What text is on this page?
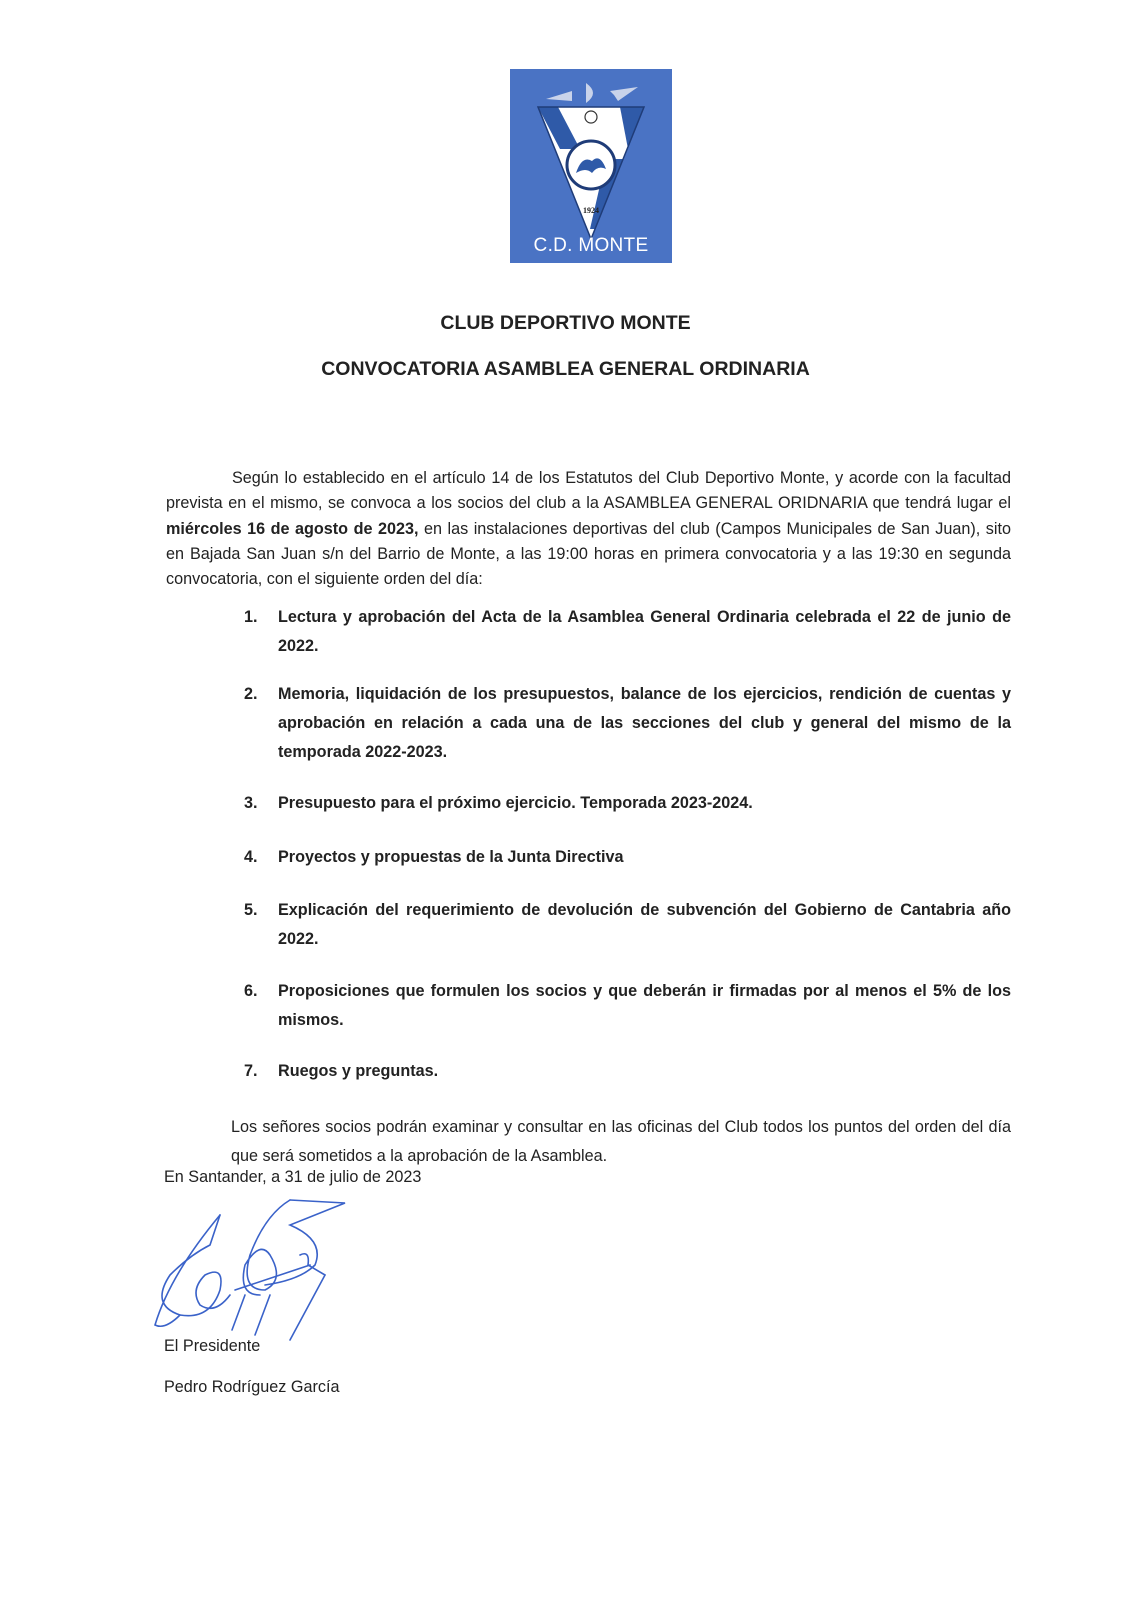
1924
C.D. MONTE
CLUB DEPORTIVO MONTE
CONVOCATORIA ASAMBLEA GENERAL ORDINARIA

Según lo establecido en el artículo 14 de los Estatutos del Club Deportivo Monte, y acorde con la facultad prevista en el mismo, se convoca a los socios del club a la ASAMBLEA GENERAL ORIDNARIA que tendrá lugar el miércoles 16 de agosto de 2023, en las instalaciones deportivas del club (Campos Municipales de San Juan), sito en Bajada San Juan s/n del Barrio de Monte, a las 19:00 horas en primera convocatoria y a las 19:30 en segunda convocatoria, con el siguiente orden del día:

1.	Lectura y aprobación del Acta de la Asamblea General Ordinaria celebrada el 22 de junio de 2022.
2.	Memoria, liquidación de los presupuestos, balance de los ejercicios, rendición de cuentas y aprobación en relación a cada una de las secciones del club y general del mismo de la temporada 2022-2023.
3.	Presupuesto para el próximo ejercicio. Temporada 2023-2024.
4.	Proyectos y propuestas de la Junta Directiva
5.	Explicación del requerimiento de devolución de subvención del Gobierno de Cantabria año 2022.
6.	Proposiciones que formulen los socios y que deberán ir firmadas por al menos el 5% de los mismos.
7.	Ruegos y preguntas.

Los señores socios podrán examinar y consultar en las oficinas del Club todos los puntos del orden del día que será sometidos a la aprobación de la Asamblea.

En Santander, a 31 de julio de 2023
El Presidente
Pedro Rodríguez García
